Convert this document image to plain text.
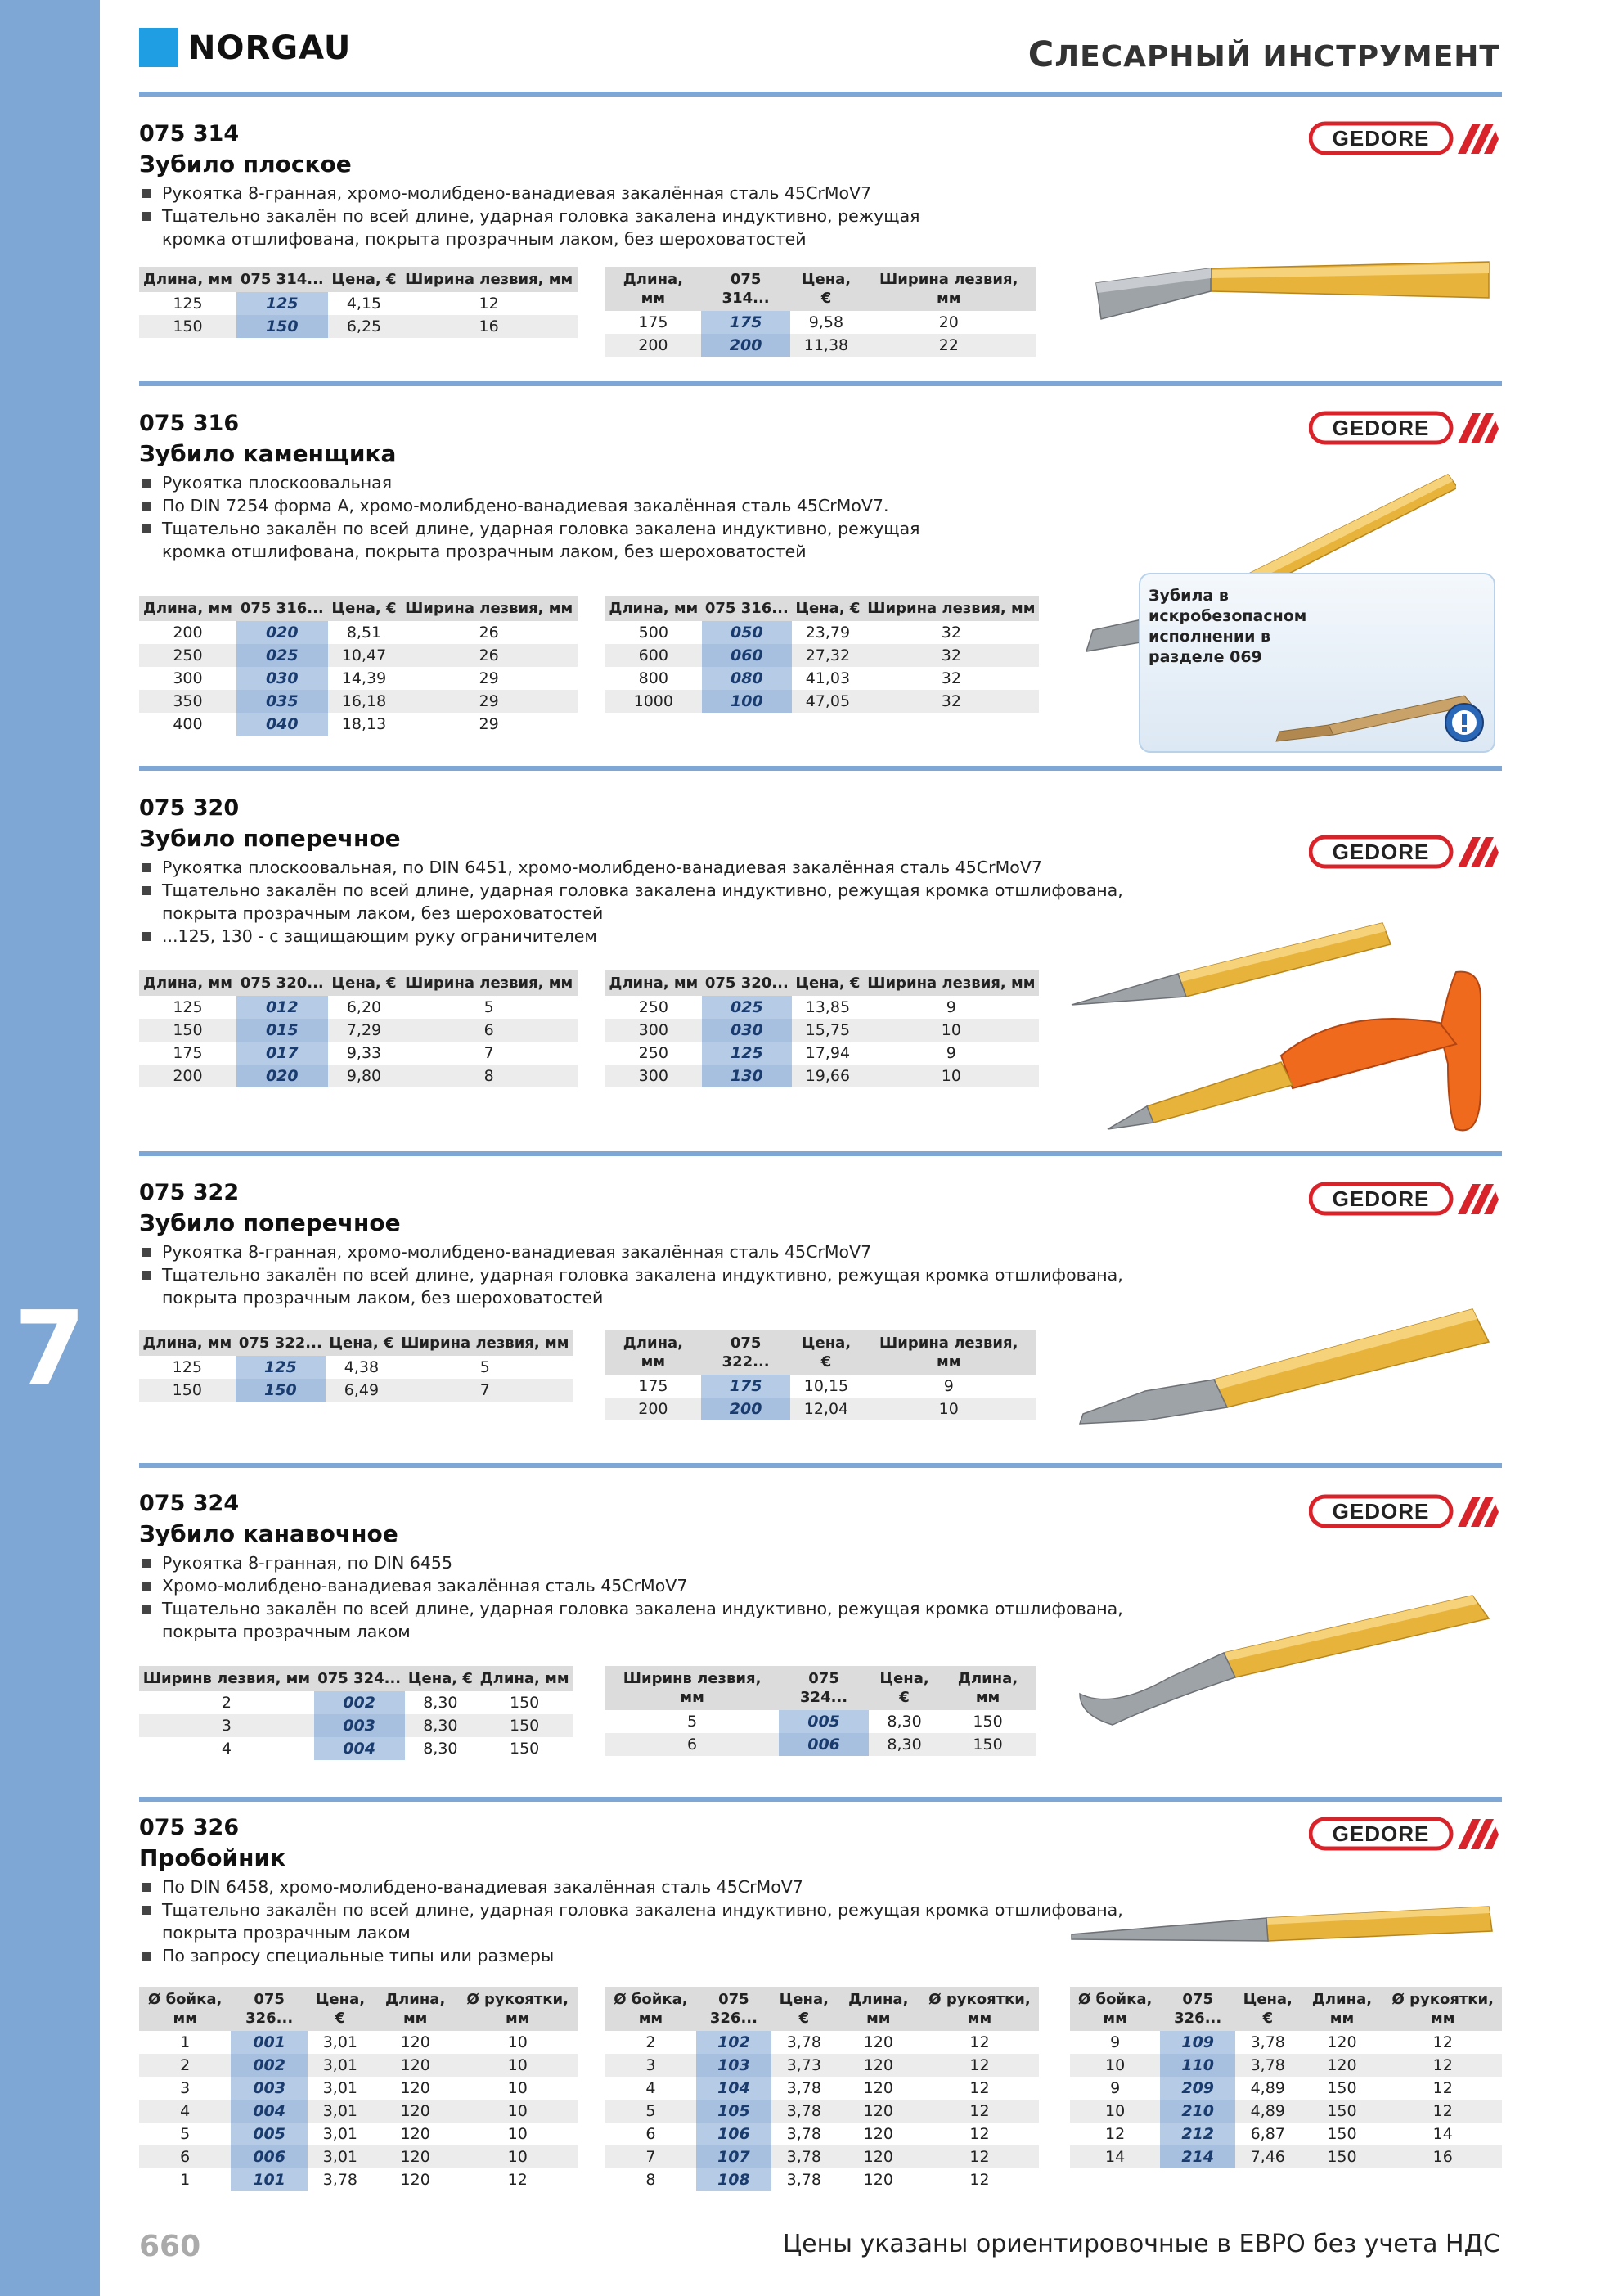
7
NORGAU	СЛЕСАРНЫЙ ИНСТРУМЕНТ
075 314
Зубило плоское
Рукоятка 8-гранная, хромо-молибдено-ванадиевая закалённая сталь 45CrMoV7
Тщательно закалён по всей длине, ударная головка закалена индуктивно, режущая
кромка отшлифована, покрыта прозрачным лаком, без шероховатостей
GEDORE
Длина, мм	075 314...	Цена, €	Ширина лезвия, мм
125	125	4,15	12
150	150	6,25	16
Длина, мм	075 314...	Цена, €	Ширина лезвия, мм
175	175	9,58	20
200	200	11,38	22
075 316
Зубило каменщика
Рукоятка плоскоовальная
По DIN 7254 форма A, хромо-молибдено-ванадиевая закалённая сталь 45CrMoV7.
Тщательно закалён по всей длине, ударная головка закалена индуктивно, режущая
кромка отшлифована, покрыта прозрачным лаком, без шероховатостей
GEDORE
Длина, мм	075 316...	Цена, €	Ширина лезвия, мм
200	020	8,51	26
250	025	10,47	26
300	030	14,39	29
350	035	16,18	29
400	040	18,13	29
Длина, мм	075 316...	Цена, €	Ширина лезвия, мм
500	050	23,79	32
600	060	27,32	32
800	080	41,03	32
1000	100	47,05	32
Зубила в искробезопасном исполнении в разделе 069
075 320
Зубило поперечное
Рукоятка плоскоовальная, по DIN 6451, хромо-молибдено-ванадиевая закалённая сталь 45CrMoV7
Тщательно закалён по всей длине, ударная головка закалена индуктивно, режущая кромка отшлифована,
покрыта прозрачным лаком, без шероховатостей
...125, 130 - с защищающим руку ограничителем
GEDORE
Длина, мм	075 320...	Цена, €	Ширина лезвия, мм
125	012	6,20	5
150	015	7,29	6
175	017	9,33	7
200	020	9,80	8
Длина, мм	075 320...	Цена, €	Ширина лезвия, мм
250	025	13,85	9
300	030	15,75	10
250	125	17,94	9
300	130	19,66	10
075 322
Зубило поперечное
Рукоятка 8-гранная, хромо-молибдено-ванадиевая закалённая сталь 45CrMoV7
Тщательно закалён по всей длине, ударная головка закалена индуктивно, режущая кромка отшлифована,
покрыта прозрачным лаком, без шероховатостей
GEDORE
Длина, мм	075 322...	Цена, €	Ширина лезвия, мм
125	125	4,38	5
150	150	6,49	7
Длина, мм	075 322...	Цена, €	Ширина лезвия, мм
175	175	10,15	9
200	200	12,04	10
075 324
Зубило канавочное
Рукоятка 8-гранная, по DIN 6455
Хромо-молибдено-ванадиевая закалённая сталь 45CrMoV7
Тщательно закалён по всей длине, ударная головка закалена индуктивно, режущая кромка отшлифована,
покрыта прозрачным лаком
GEDORE
Ширинв лезвия, мм	075 324...	Цена, €	Длина, мм
2	002	8,30	150
3	003	8,30	150
4	004	8,30	150
Ширинв лезвия, мм	075 324...	Цена, €	Длина, мм
5	005	8,30	150
6	006	8,30	150
075 326
Пробойник
По DIN 6458, хромо-молибдено-ванадиевая закалённая сталь 45CrMoV7
Тщательно закалён по всей длине, ударная головка закалена индуктивно, режущая кромка отшлифована,
покрыта прозрачным лаком
По запросу специальные типы или размеры
GEDORE
Ø бойка, мм	075 326...	Цена, €	Длина, мм	Ø рукоятки, мм
1	001	3,01	120	10
2	002	3,01	120	10
3	003	3,01	120	10
4	004	3,01	120	10
5	005	3,01	120	10
6	006	3,01	120	10
1	101	3,78	120	12
Ø бойка, мм	075 326...	Цена, €	Длина, мм	Ø рукоятки, мм
2	102	3,78	120	12
3	103	3,73	120	12
4	104	3,78	120	12
5	105	3,78	120	12
6	106	3,78	120	12
7	107	3,78	120	12
8	108	3,78	120	12
Ø бойка, мм	075 326...	Цена, €	Длина, мм	Ø рукоятки, мм
9	109	3,78	120	12
10	110	3,78	120	12
9	209	4,89	150	12
10	210	4,89	150	12
12	212	6,87	150	14
14	214	7,46	150	16
660	Цены указаны ориентировочные в ЕВРО без учета НДС
